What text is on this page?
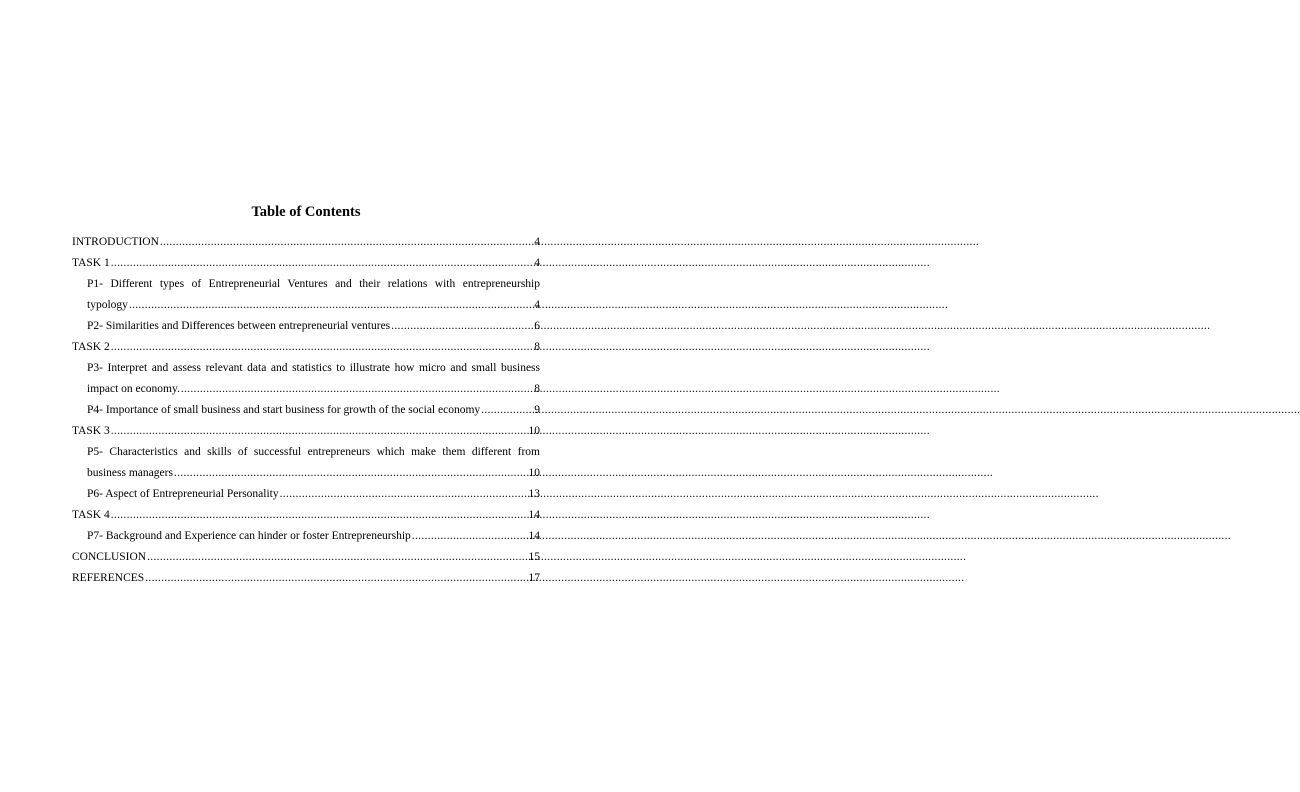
Table of Contents
INTRODUCTION .....	4
TASK 1 .....	4
P1- Different types of Entrepreneurial Ventures and their relations with entrepreneurship
typology .....	4
P2- Similarities and Differences between entrepreneurial ventures .....	6
TASK 2 .....	8
P3- Interpret and assess relevant data and statistics to illustrate how micro and small business
impact on economy. .....	8
P4- Importance of small business and start business for growth of the social economy .....	9
TASK 3 .....	10
P5- Characteristics and skills of successful entrepreneurs which make them different from
business managers .....	10
P6- Aspect of Entrepreneurial Personality .....	13
TASK 4 .....	14
P7- Background and Experience can hinder or foster Entrepreneurship .....	14
CONCLUSION .....	15
REFERENCES .....	17
